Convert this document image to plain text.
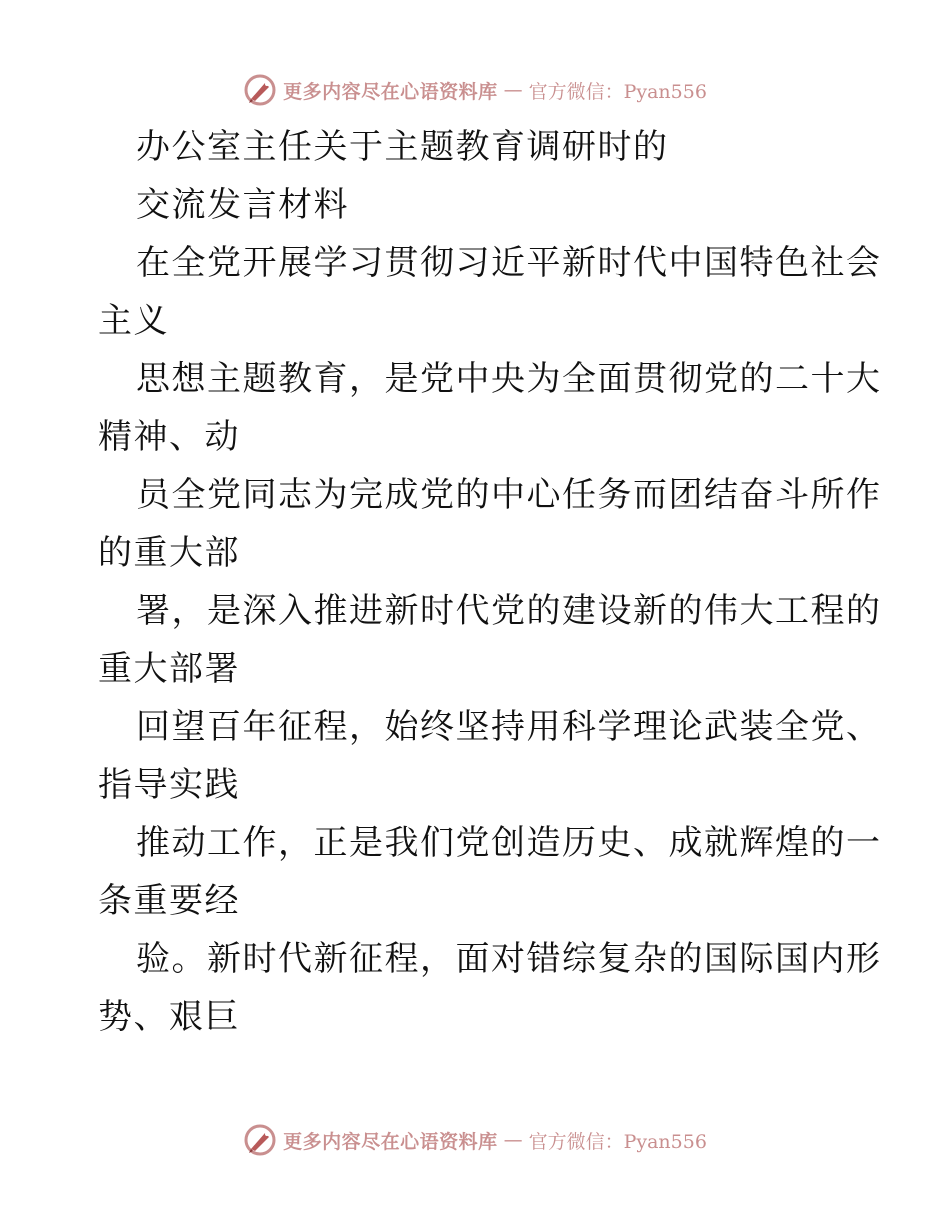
更多内容尽在心语资料库 — 官方微信：Pyan556
办公室主任关于主题教育调研时的
交流发言材料
在全党开展学习贯彻习近平新时代中国特色社会
主义
思想主题教育，是党中央为全面贯彻党的二十大
精神、动
员全党同志为完成党的中心任务而团结奋斗所作
的重大部
署，是深入推进新时代党的建设新的伟大工程的
重大部署
回望百年征程，始终坚持用科学理论武装全党、
指导实践
推动工作，正是我们党创造历史、成就辉煌的一
条重要经
验。新时代新征程，面对错综复杂的国际国内形
势、艰巨
更多内容尽在心语资料库 — 官方微信：Pyan556
